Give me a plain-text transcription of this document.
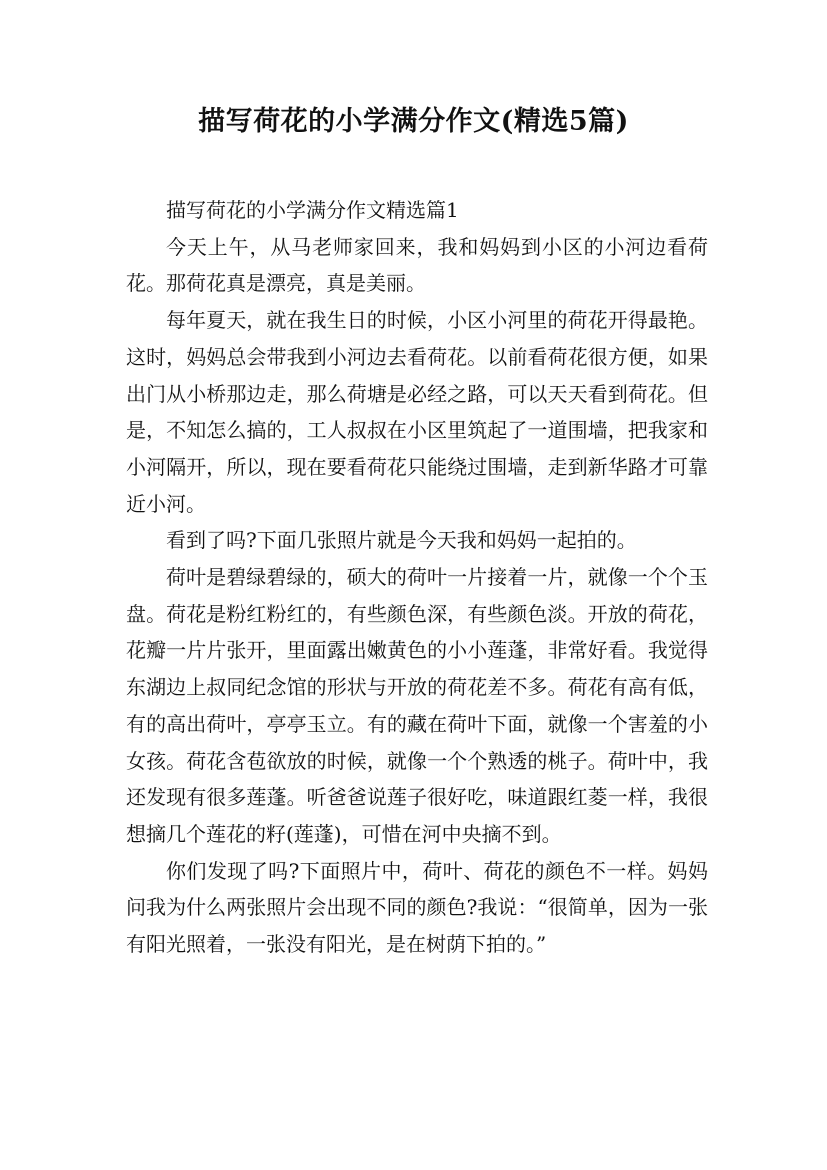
描写荷花的小学满分作文(精选5篇)

描写荷花的小学满分作文精选篇1

今天上午，从马老师家回来，我和妈妈到小区的小河边看荷花。那荷花真是漂亮，真是美丽。

每年夏天，就在我生日的时候，小区小河里的荷花开得最艳。这时，妈妈总会带我到小河边去看荷花。以前看荷花很方便，如果出门从小桥那边走，那么荷塘是必经之路，可以天天看到荷花。但是，不知怎么搞的，工人叔叔在小区里筑起了一道围墙，把我家和小河隔开，所以，现在要看荷花只能绕过围墙，走到新华路才可靠近小河。

看到了吗?下面几张照片就是今天我和妈妈一起拍的。

荷叶是碧绿碧绿的，硕大的荷叶一片接着一片，就像一个个玉盘。荷花是粉红粉红的，有些颜色深，有些颜色淡。开放的荷花，花瓣一片片张开，里面露出嫩黄色的小小莲蓬，非常好看。我觉得东湖边上叔同纪念馆的形状与开放的荷花差不多。荷花有高有低，有的高出荷叶，亭亭玉立。有的藏在荷叶下面，就像一个害羞的小女孩。荷花含苞欲放的时候，就像一个个熟透的桃子。荷叶中，我还发现有很多莲蓬。听爸爸说莲子很好吃，味道跟红菱一样，我很想摘几个莲花的籽(莲蓬)，可惜在河中央摘不到。

你们发现了吗?下面照片中，荷叶、荷花的颜色不一样。妈妈问我为什么两张照片会出现不同的颜色?我说：“很简单，因为一张有阳光照着，一张没有阳光，是在树荫下拍的。”
